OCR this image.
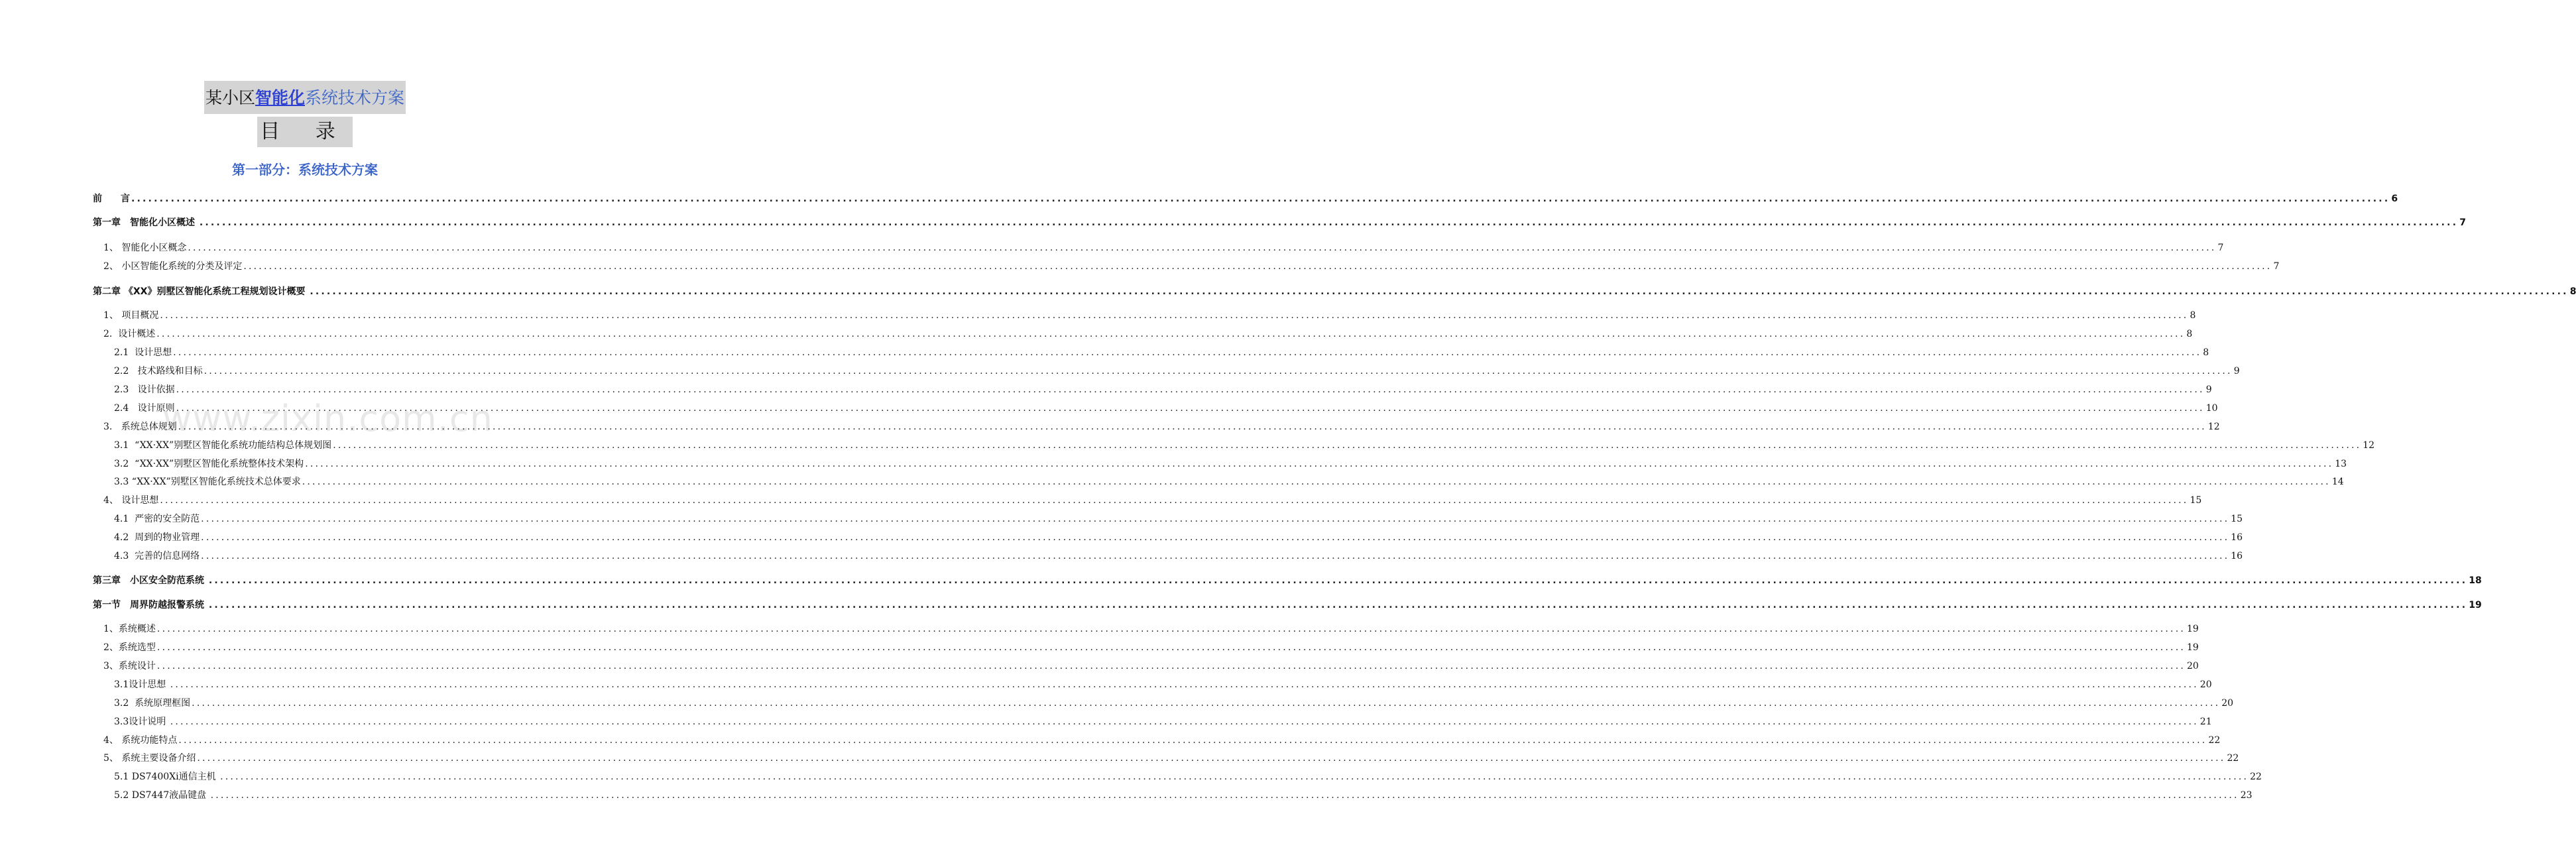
某小区智能化系统技术方案
目 录
第一部分：系统技术方案
www.zixin.com.cn
前　　言 ................................................................................................................................................................................................................................................................................................................................................................................................................ 6
第一章　智能化小区概述 ................................................................................................................................................................................................................................................................................................................................................................................................................ 7
1、 智能化小区概念 ................................................................................................................................................................................................................................................................................................................................................................................................................ 7
2、 小区智能化系统的分类及评定 ................................................................................................................................................................................................................................................................................................................................................................................................................ 7
第二章 《XX》别墅区智能化系统工程规划设计概要 ................................................................................................................................................................................................................................................................................................................................................................................................................ 8
1、 项目概况 ................................................................................................................................................................................................................................................................................................................................................................................................................ 8
2.  设计概述 ................................................................................................................................................................................................................................................................................................................................................................................................................ 8
2.1  设计思想 ................................................................................................................................................................................................................................................................................................................................................................................................................ 8
2.2   技术路线和目标 ................................................................................................................................................................................................................................................................................................................................................................................................................ 9
2.3   设计依据 ................................................................................................................................................................................................................................................................................................................................................................................................................ 9
2.4   设计原则 ................................................................................................................................................................................................................................................................................................................................................................................................................ 10
3.   系统总体规划 ................................................................................................................................................................................................................................................................................................................................................................................................................ 12
3.1  “XX·XX”别墅区智能化系统功能结构总体规划图 ................................................................................................................................................................................................................................................................................................................................................................................................................ 12
3.2  “XX·XX”别墅区智能化系统整体技术架构 ................................................................................................................................................................................................................................................................................................................................................................................................................ 13
3.3 “XX·XX”别墅区智能化系统技术总体要求 ................................................................................................................................................................................................................................................................................................................................................................................................................ 14
4、 设计思想 ................................................................................................................................................................................................................................................................................................................................................................................................................ 15
4.1  严密的安全防范 ................................................................................................................................................................................................................................................................................................................................................................................................................ 15
4.2  周到的物业管理 ................................................................................................................................................................................................................................................................................................................................................................................................................ 16
4.3  完善的信息网络 ................................................................................................................................................................................................................................................................................................................................................................................................................ 16
第三章　小区安全防范系统 ................................................................................................................................................................................................................................................................................................................................................................................................................ 18
第一节　周界防越报警系统 ................................................................................................................................................................................................................................................................................................................................................................................................................ 19
1、系统概述 ................................................................................................................................................................................................................................................................................................................................................................................................................ 19
2、系统选型 ................................................................................................................................................................................................................................................................................................................................................................................................................ 19
3、系统设计 ................................................................................................................................................................................................................................................................................................................................................................................................................ 20
3.1设计思想 ................................................................................................................................................................................................................................................................................................................................................................................................................ 20
3.2  系统原理框图 ................................................................................................................................................................................................................................................................................................................................................................................................................ 20
3.3设计说明 ................................................................................................................................................................................................................................................................................................................................................................................................................ 21
4、 系统功能特点 ................................................................................................................................................................................................................................................................................................................................................................................................................ 22
5、 系统主要设备介绍 ................................................................................................................................................................................................................................................................................................................................................................................................................ 22
5.1 DS7400Xi通信主机 ................................................................................................................................................................................................................................................................................................................................................................................................................ 22
5.2 DS7447液晶键盘 ................................................................................................................................................................................................................................................................................................................................................................................................................ 23
